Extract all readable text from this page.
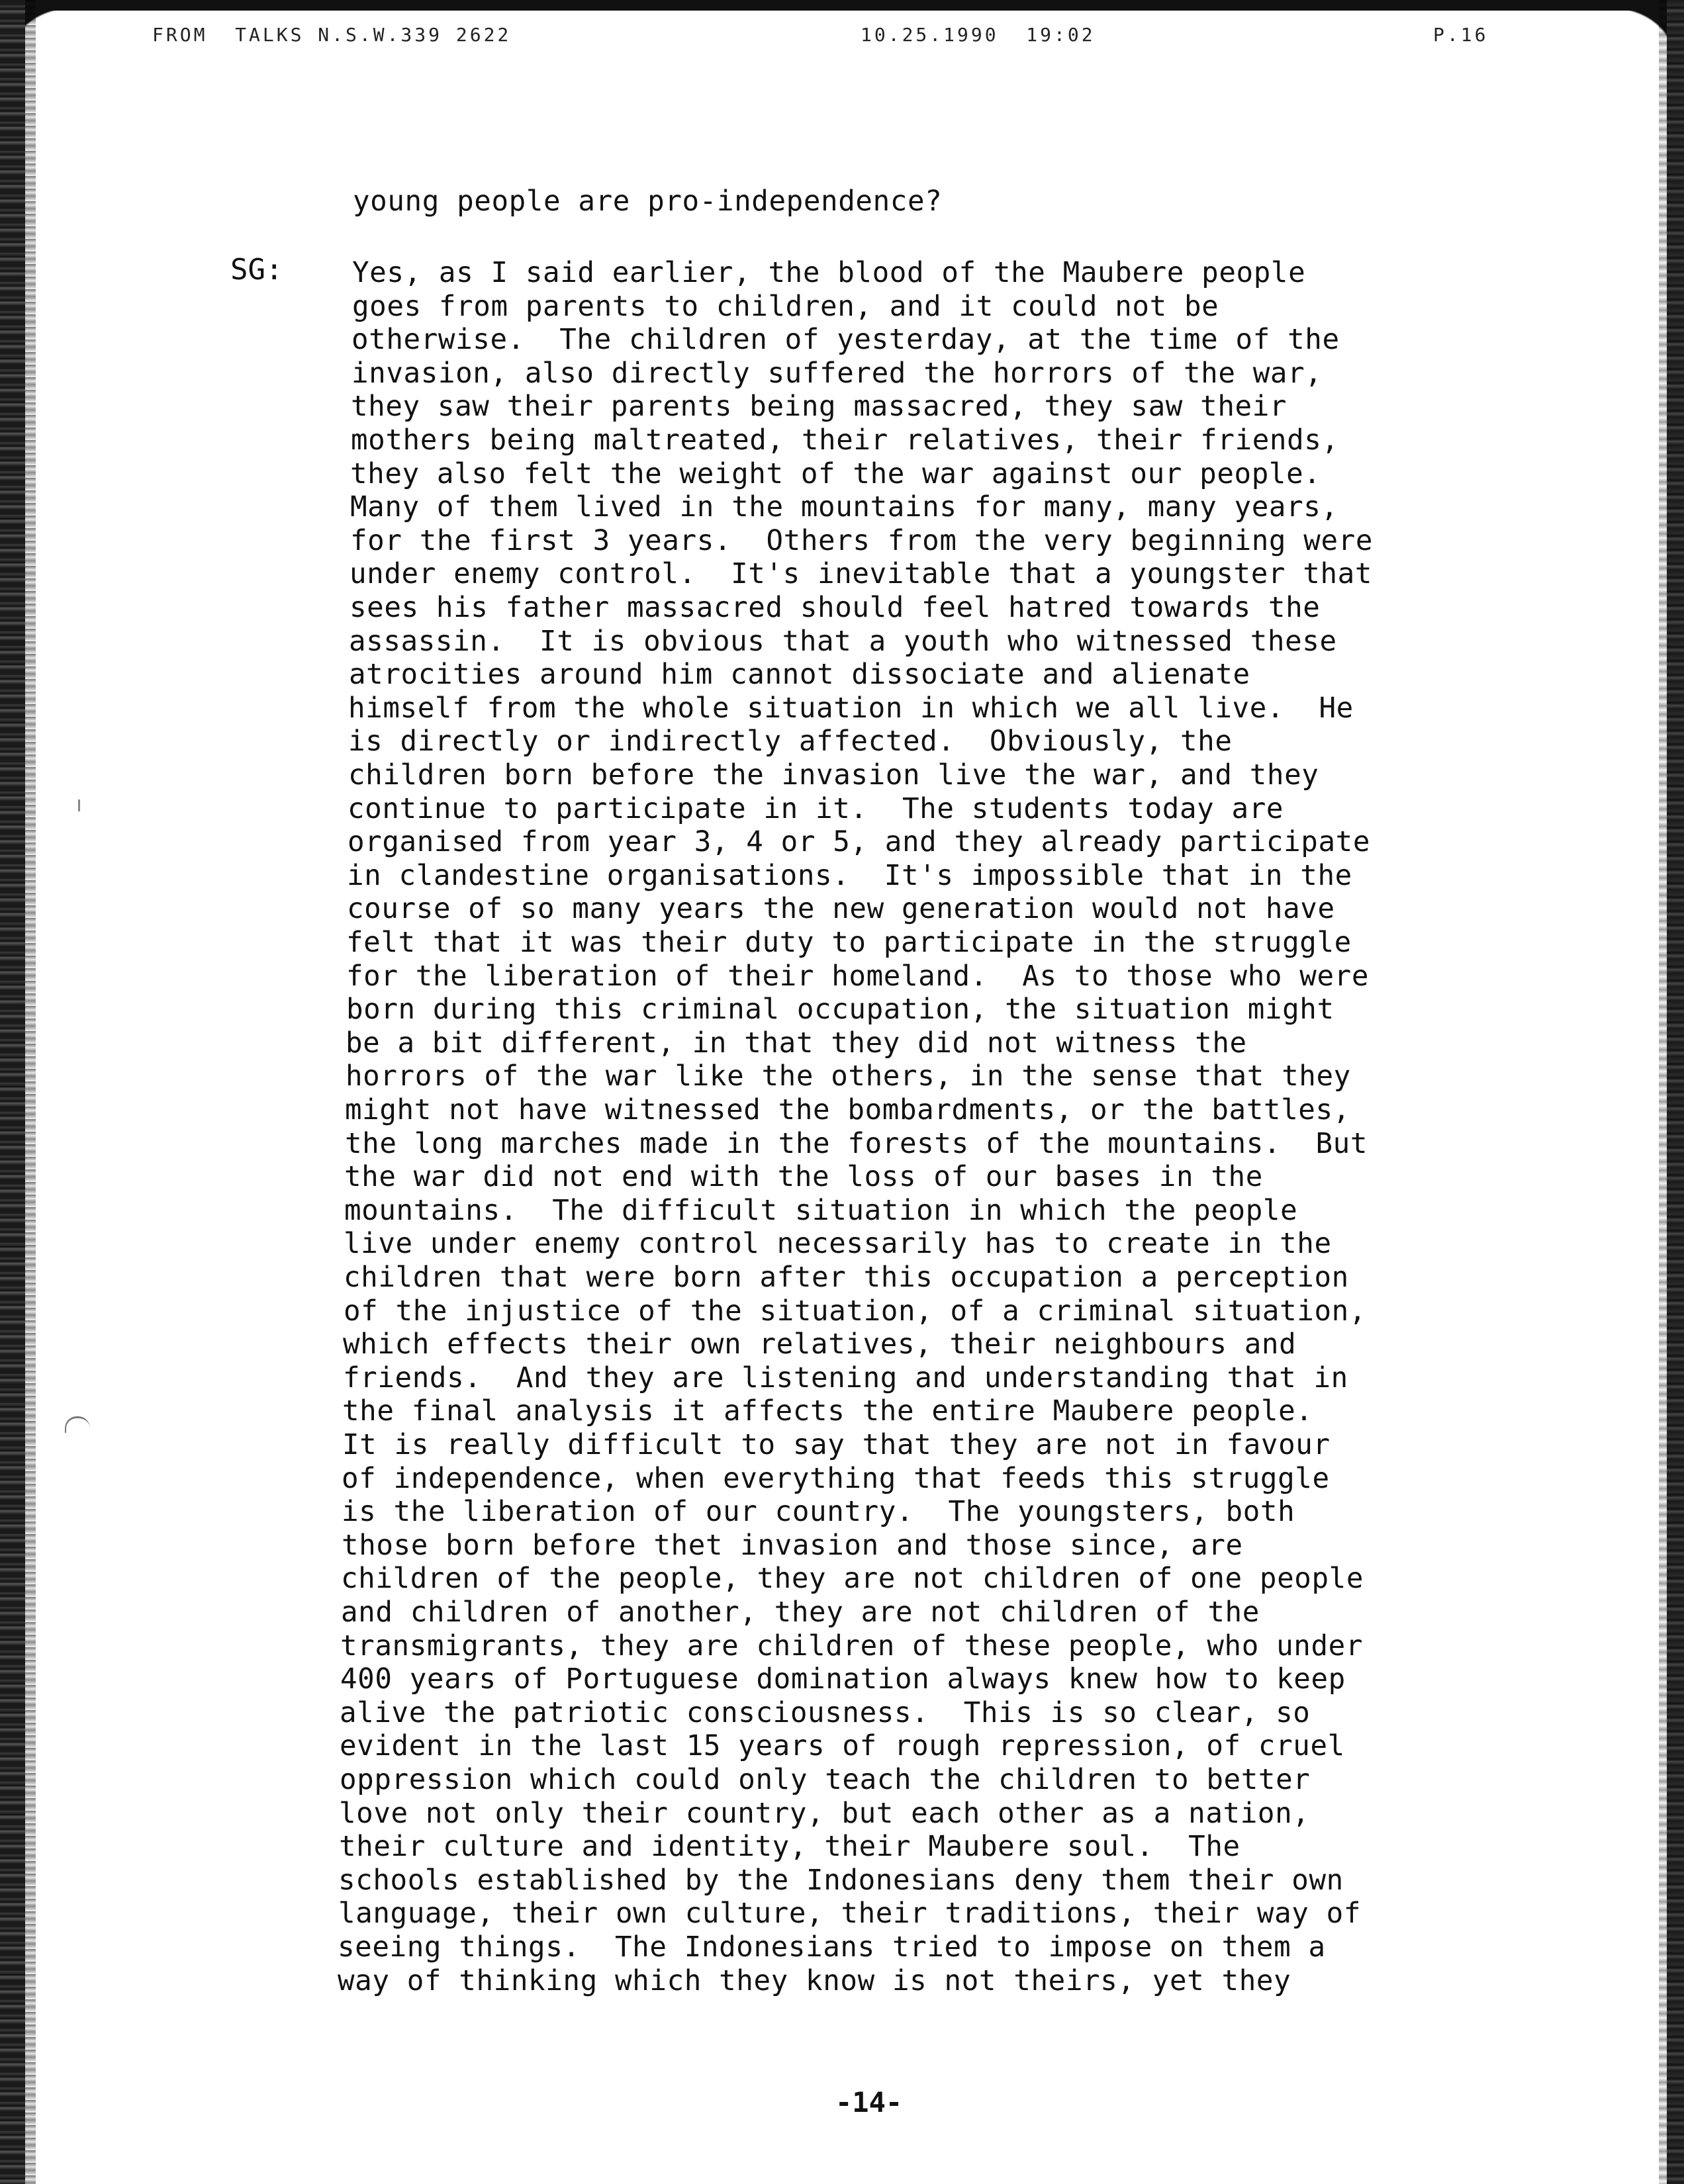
FROM  TALKS N.S.W.339 2622	10.25.1990  19:02	P.16
SG:
young people are pro-independence?
Yes, as I said earlier, the blood of the Maubere people
goes from parents to children, and it could not be
otherwise.  The children of yesterday, at the time of the
invasion, also directly suffered the horrors of the war,
they saw their parents being massacred, they saw their
mothers being maltreated, their relatives, their friends,
they also felt the weight of the war against our people.
Many of them lived in the mountains for many, many years,
for the first 3 years.  Others from the very beginning were
under enemy control.  It's inevitable that a youngster that
sees his father massacred should feel hatred towards the
assassin.  It is obvious that a youth who witnessed these
atrocities around him cannot dissociate and alienate
himself from the whole situation in which we all live.  He
is directly or indirectly affected.  Obviously, the
children born before the invasion live the war, and they
continue to participate in it.  The students today are
organised from year 3, 4 or 5, and they already participate
in clandestine organisations.  It's impossible that in the
course of so many years the new generation would not have
felt that it was their duty to participate in the struggle
for the liberation of their homeland.  As to those who were
born during this criminal occupation, the situation might
be a bit different, in that they did not witness the
horrors of the war like the others, in the sense that they
might not have witnessed the bombardments, or the battles,
the long marches made in the forests of the mountains.  But
the war did not end with the loss of our bases in the
mountains.  The difficult situation in which the people
live under enemy control necessarily has to create in the
children that were born after this occupation a perception
of the injustice of the situation, of a criminal situation,
which effects their own relatives, their neighbours and
friends.  And they are listening and understanding that in
the final analysis it affects the entire Maubere people.
It is really difficult to say that they are not in favour
of independence, when everything that feeds this struggle
is the liberation of our country.  The youngsters, both
those born before thet invasion and those since, are
children of the people, they are not children of one people
and children of another, they are not children of the
transmigrants, they are children of these people, who under
400 years of Portuguese domination always knew how to keep
alive the patriotic consciousness.  This is so clear, so
evident in the last 15 years of rough repression, of cruel
oppression which could only teach the children to better
love not only their country, but each other as a nation,
their culture and identity, their Maubere soul.  The
schools established by the Indonesians deny them their own
language, their own culture, their traditions, their way of
seeing things.  The Indonesians tried to impose on them a
way of thinking which they know is not theirs, yet they
-14-
